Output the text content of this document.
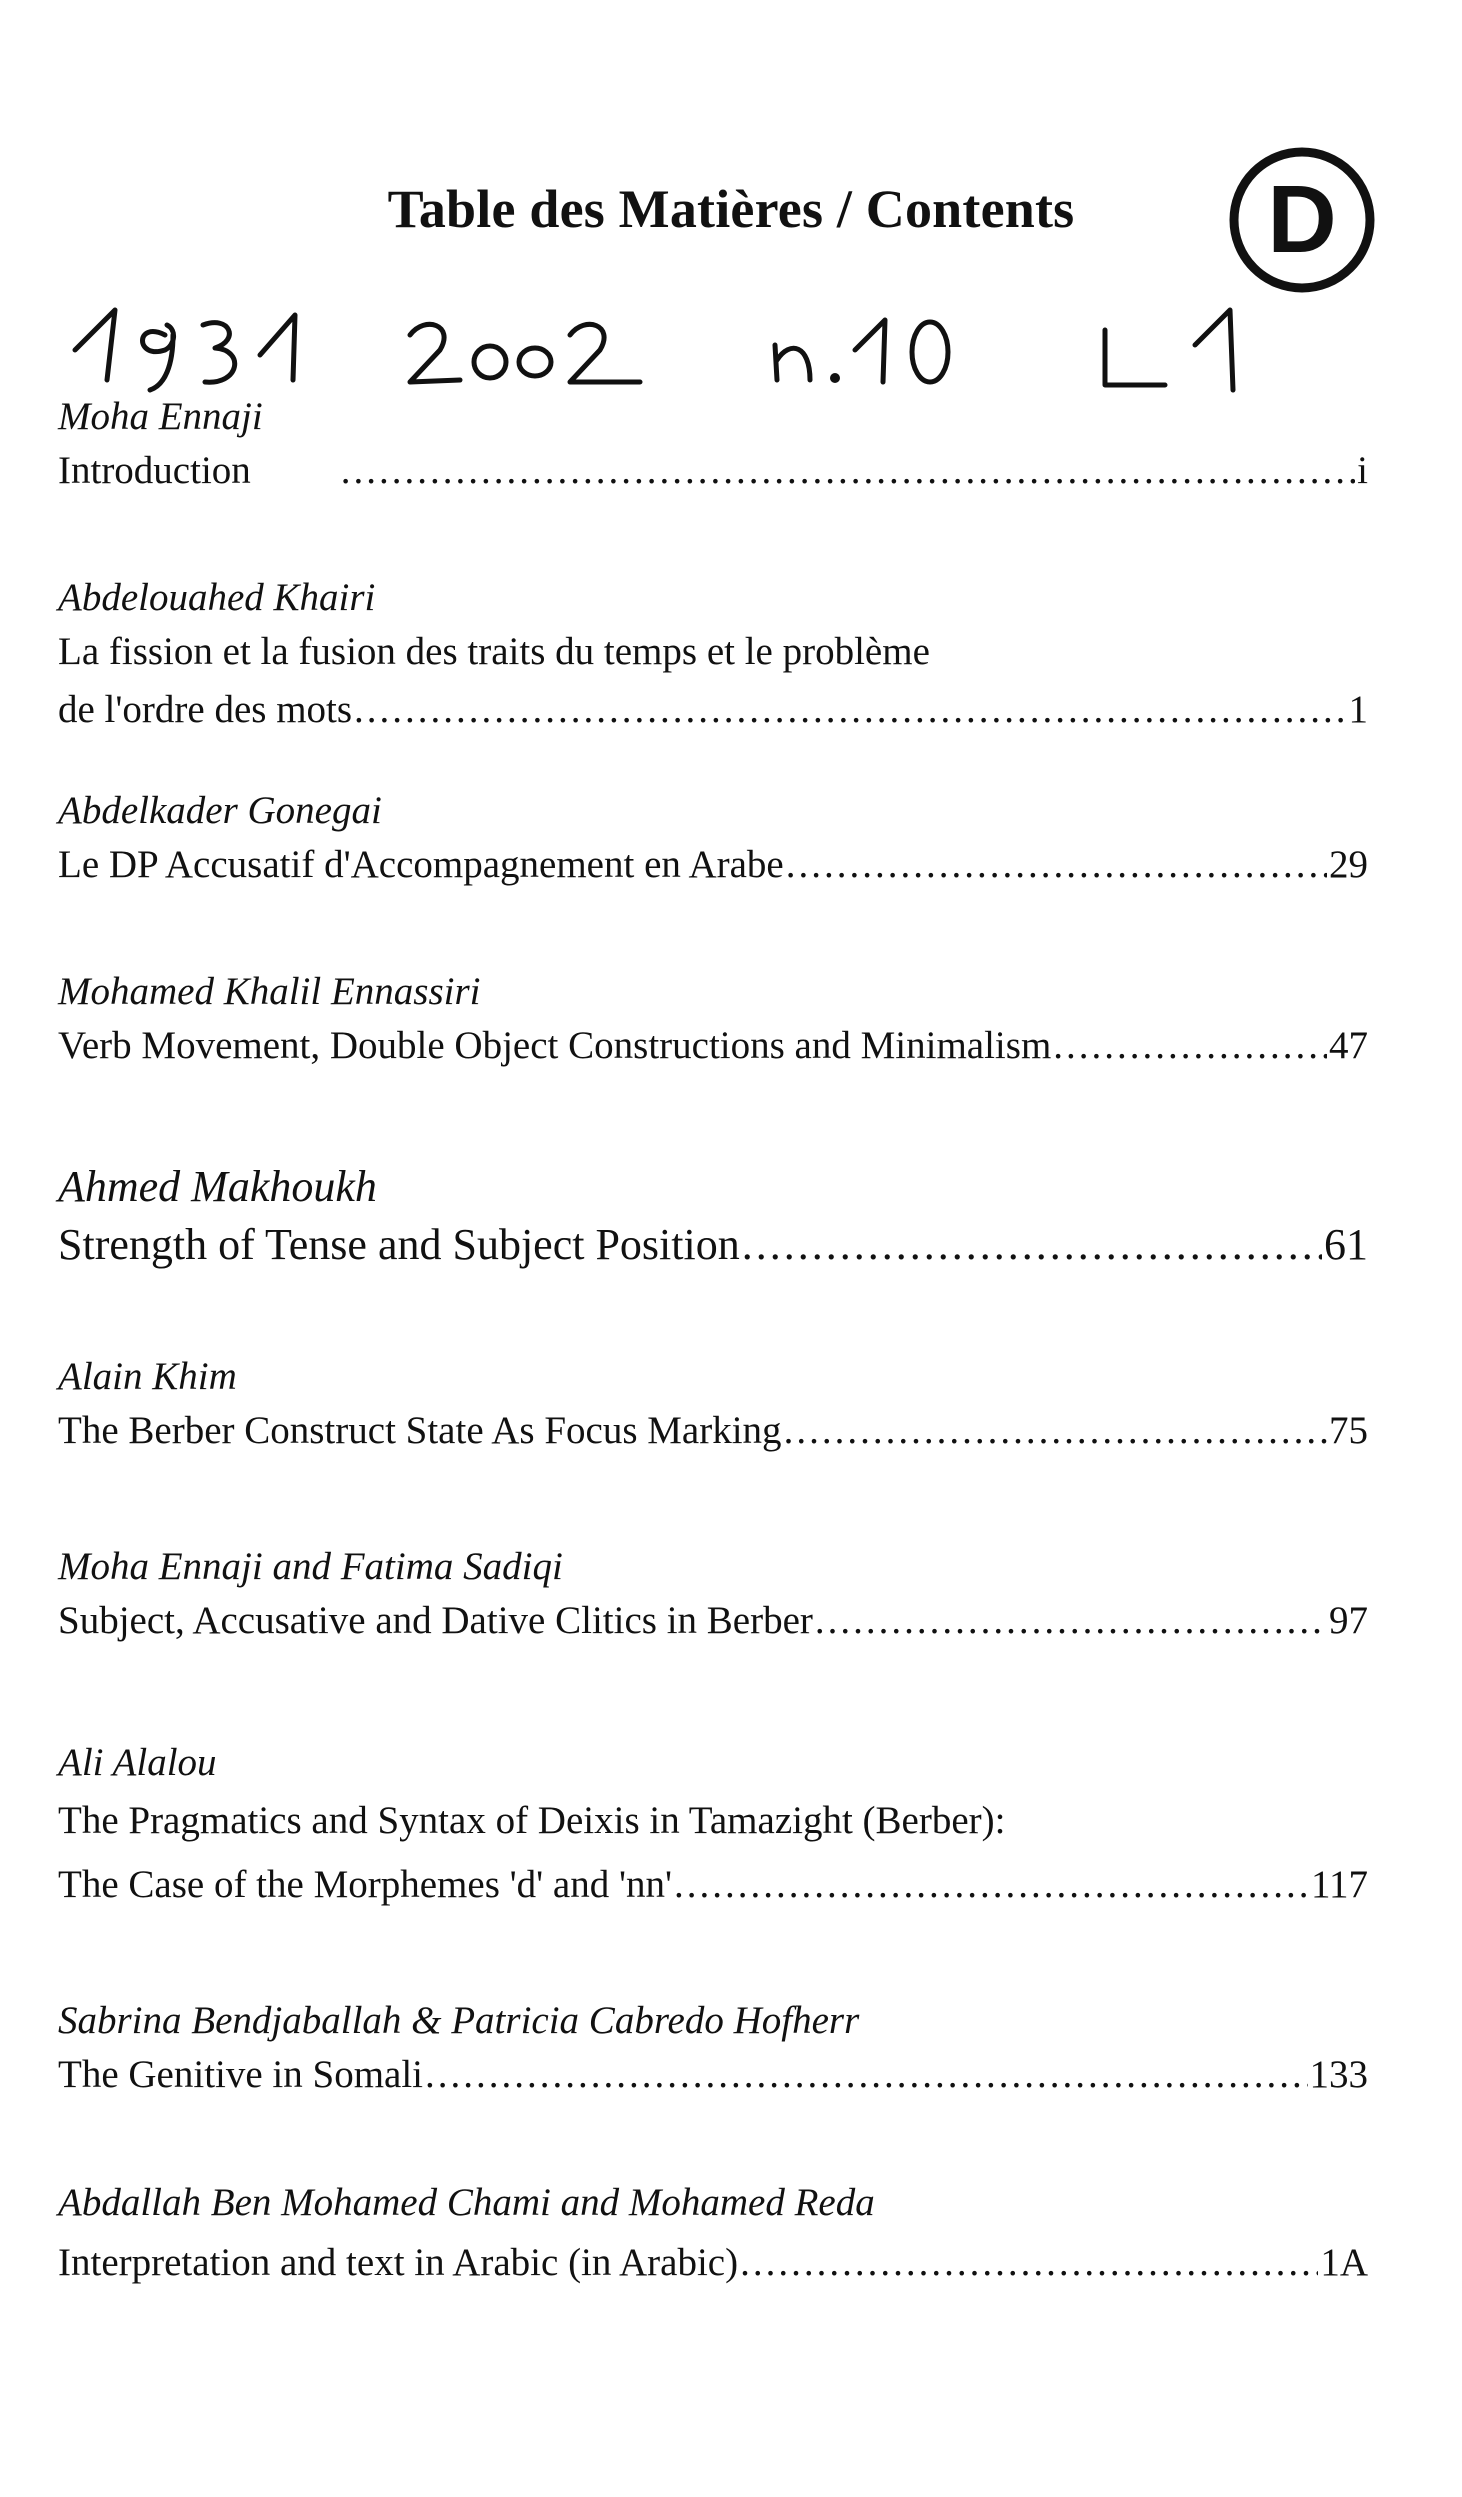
Table des Matières / Contents	D
1931 2002 n.10 L1
Moha Ennaji
Introduction .....	i
Abdelouahed Khairi
La fission et la fusion des traits du temps et le problème
de l'ordre des mots .....	1
Abdelkader Gonegai
Le DP Accusatif d'Accompagnement en Arabe .....	29
Mohamed Khalil Ennassiri
Verb Movement, Double Object Constructions and Minimalism .....	47
Ahmed Makhoukh
Strength of Tense and Subject Position .....	61
Alain Khim
The Berber Construct State As Focus Marking .....	75
Moha Ennaji and Fatima Sadiqi
Subject, Accusative and Dative Clitics in Berber .....	97
Ali Alalou
The Pragmatics and Syntax of Deixis in Tamazight (Berber):
The Case of the Morphemes 'd' and 'nn' .....	117
Sabrina Bendjaballah & Patricia Cabredo Hofherr
The Genitive in Somali .....	133
Abdallah Ben Mohamed Chami and Mohamed Reda
Interpretation and text in Arabic (in Arabic) .....	1A
